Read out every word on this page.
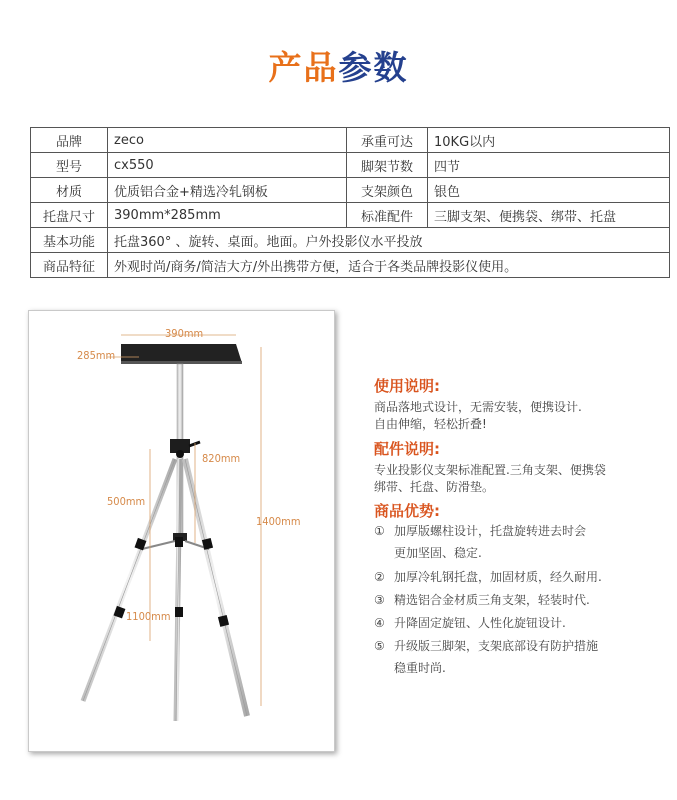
产品参数
品牌	zeco	承重可达	10KG以内
型号	cx550	脚架节数	四节
材质	优质铝合金+精选冷轧钢板	支架颜色	银色
托盘尺寸	390mm*285mm	标准配件	三脚支架、便携袋、绑带、托盘
基本功能	托盘360° 、旋转、桌面。地面。户外投影仪水平投放		
商品特征	外观时尚/商务/简洁大方/外出携带方便，适合于各类品牌投影仪使用。		
390mm
285mm
820mm
500mm
1400mm
1100mm
使用说明:

商品落地式设计，无需安装，便携设计.

自由伸缩，轻松折叠!

配件说明:

专业投影仪支架标准配置.三角支架、便携袋

绑带、托盘、防滑垫。

商品优势:
① 加厚版螺柱设计，托盘旋转进去时会
更加坚固、稳定.
② 加厚冷轧钢托盘，加固材质，经久耐用.
③ 精选铝合金材质三角支架，轻装时代.
④ 升降固定旋钮、人性化旋钮设计.
⑤ 升级版三脚架，支架底部设有防护措施
稳重时尚.
